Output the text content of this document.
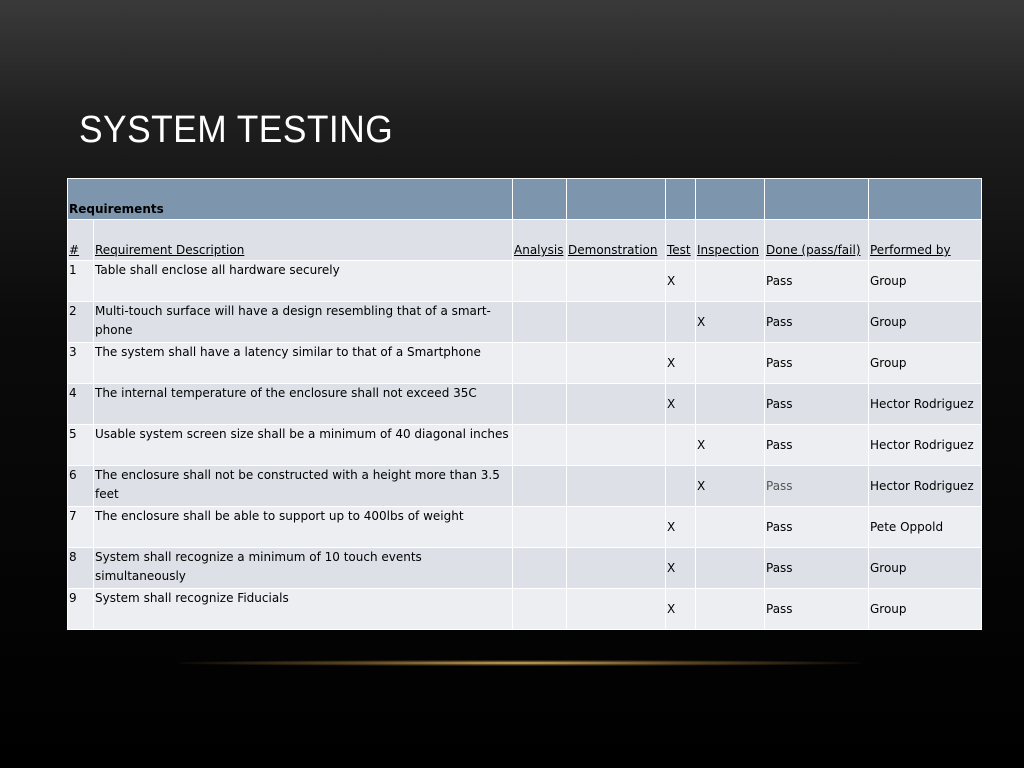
SYSTEM TESTING
Requirements							
#	Requirement Description	Analysis	Demonstration	Test	Inspection	Done (pass/fail)	Performed by
1	Table shall enclose all hardware securely			X		Pass	Group
2	Multi-touch surface will have a design resembling that of a smart-phone				X	Pass	Group
3	The system shall have a latency similar to that of a Smartphone			X		Pass	Group
4	The internal temperature of the enclosure shall not exceed 35C			X		Pass	Hector Rodriguez
5	Usable system screen size shall be a minimum of 40 diagonal inches				X	Pass	Hector Rodriguez
6	The enclosure shall not be constructed with a height more than 3.5 feet				X	Pass	Hector Rodriguez
7	The enclosure shall be able to support up to 400lbs of weight			X		Pass	Pete Oppold
8	System shall recognize a minimum of 10 touch events simultaneously			X		Pass	Group
9	System shall recognize Fiducials			X		Pass	Group
